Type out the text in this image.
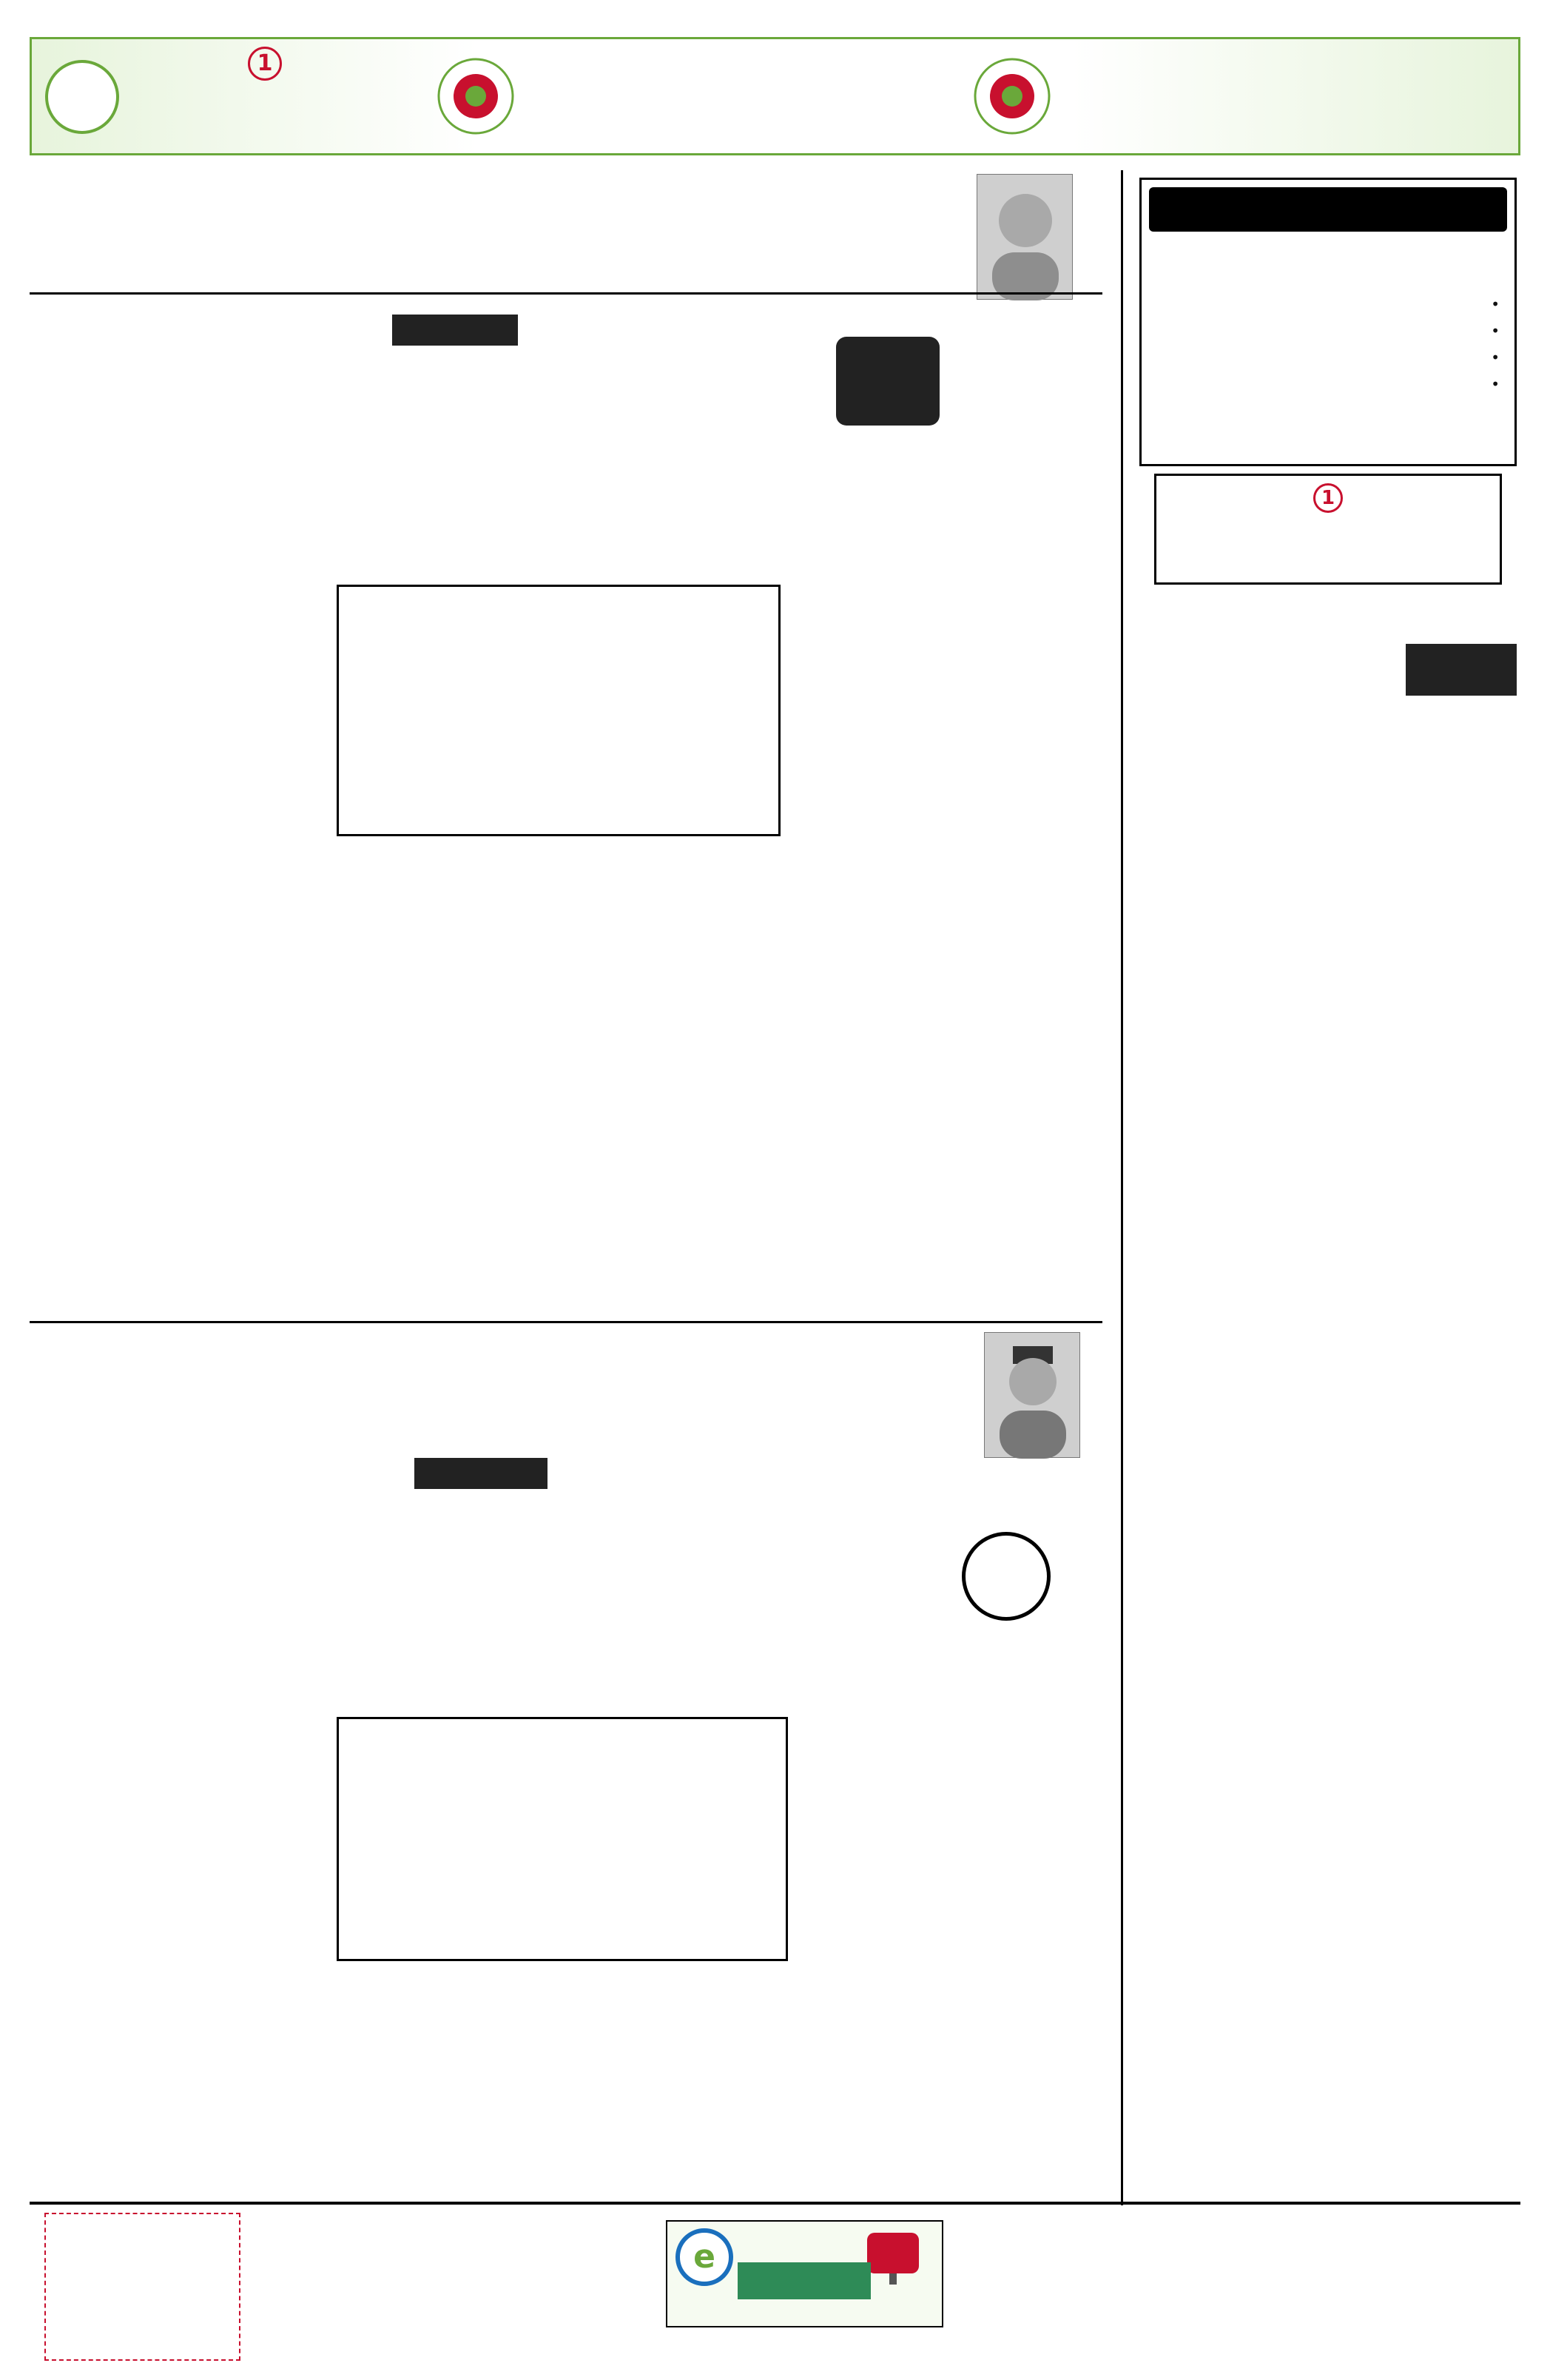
1
•
•
•
•
1
e
